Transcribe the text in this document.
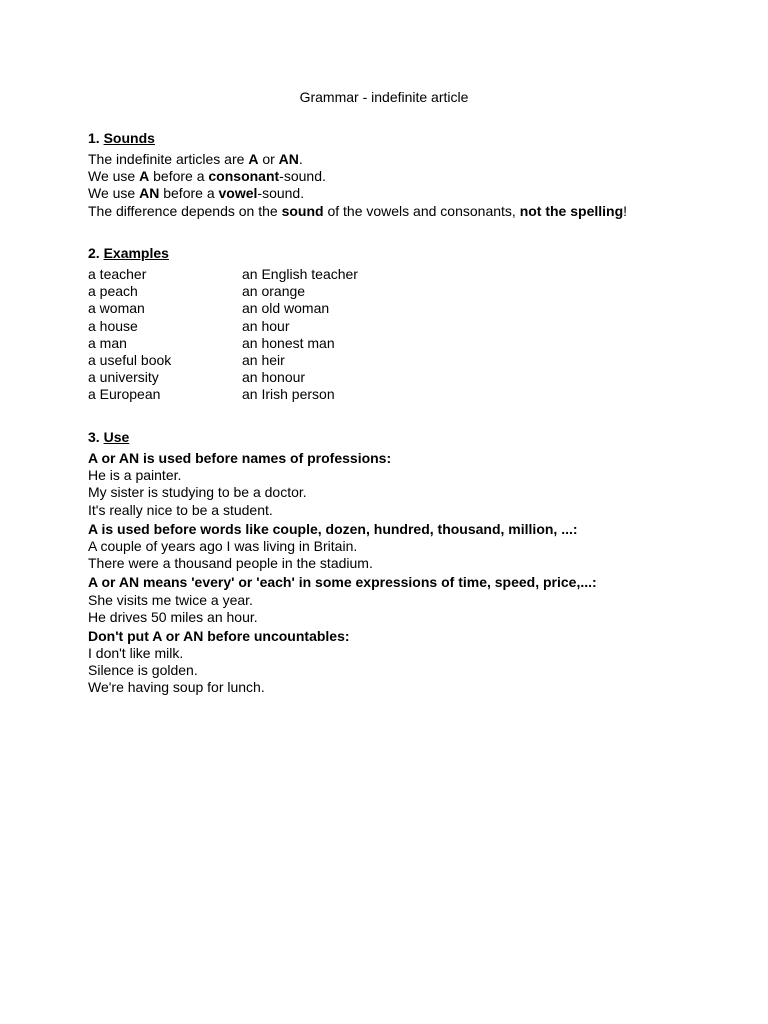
Grammar - indefinite article
1. Sounds
The indefinite articles are A or AN.
We use A before a consonant-sound.
We use AN before a vowel-sound.
The difference depends on the sound of the vowels and consonants, not the spelling!
2. Examples
a teacher	an English teacher
a peach	an orange
a woman	an old woman
a house	an hour
a man	an honest man
a useful book	an heir
a university	an honour
a European	an Irish person
3. Use
A or AN is used before names of professions:
He is a painter.
My sister is studying to be a doctor.
It's really nice to be a student.
A is used before words like couple, dozen, hundred, thousand, million, ...:
A couple of years ago I was living in Britain.
There were a thousand people in the stadium.
A or AN means 'every' or 'each' in some expressions of time, speed, price,...:
She visits me twice a year.
He drives 50 miles an hour.
Don't put A or AN before uncountables:
I don't like milk.
Silence is golden.
We're having soup for lunch.
